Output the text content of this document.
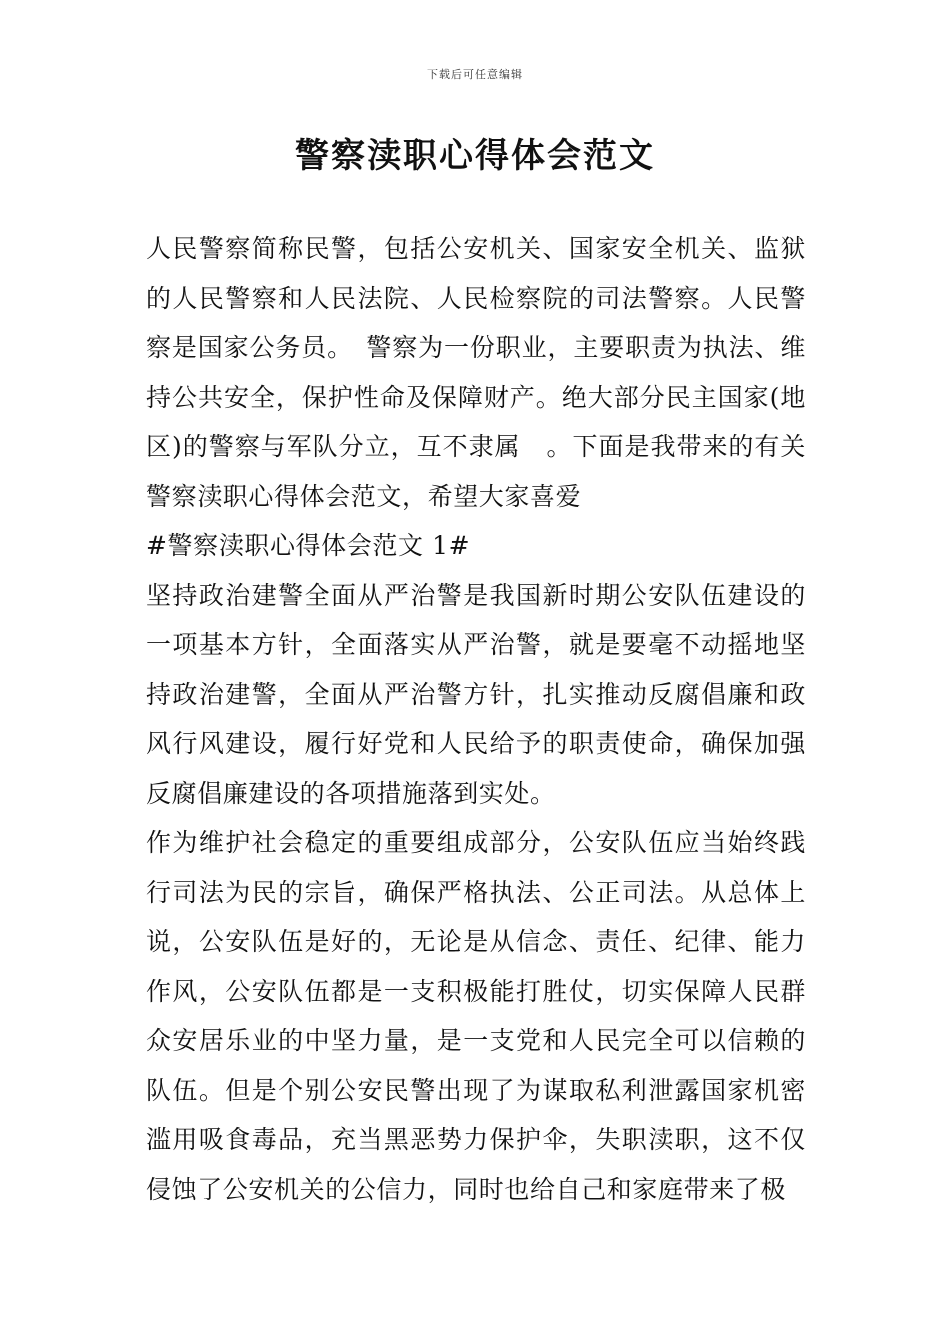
下载后可任意编辑
警察渎职心得体会范文

人民警察简称民警，包括公安机关、国家安全机关、监狱的人民警察和人民法院、人民检察院的司法警察。人民警察是国家公务员。　警察为一份职业，主要职责为执法、维持公共安全，保护性命及保障财产。绝大部分民主国家(地区)的警察与军队分立，互不隶属　。下面是我带来的有关警察渎职心得体会范文，希望大家喜爱

#警察渎职心得体会范文 1#

坚持政治建警全面从严治警是我国新时期公安队伍建设的一项基本方针，全面落实从严治警，就是要毫不动摇地坚持政治建警，全面从严治警方针，扎实推动反腐倡廉和政风行风建设，履行好党和人民给予的职责使命，确保加强反腐倡廉建设的各项措施落到实处。

作为维护社会稳定的重要组成部分，公安队伍应当始终践行司法为民的宗旨，确保严格执法、公正司法。从总体上说，公安队伍是好的，无论是从信念、责任、纪律、能力作风，公安队伍都是一支积极能打胜仗，切实保障人民群众安居乐业的中坚力量，是一支党和人民完全可以信赖的队伍。但是个别公安民警出现了为谋取私利泄露国家机密滥用吸食毒品，充当黑恶势力保护伞，失职渎职，这不仅侵蚀了公安机关的公信力，同时也给自己和家庭带来了极
